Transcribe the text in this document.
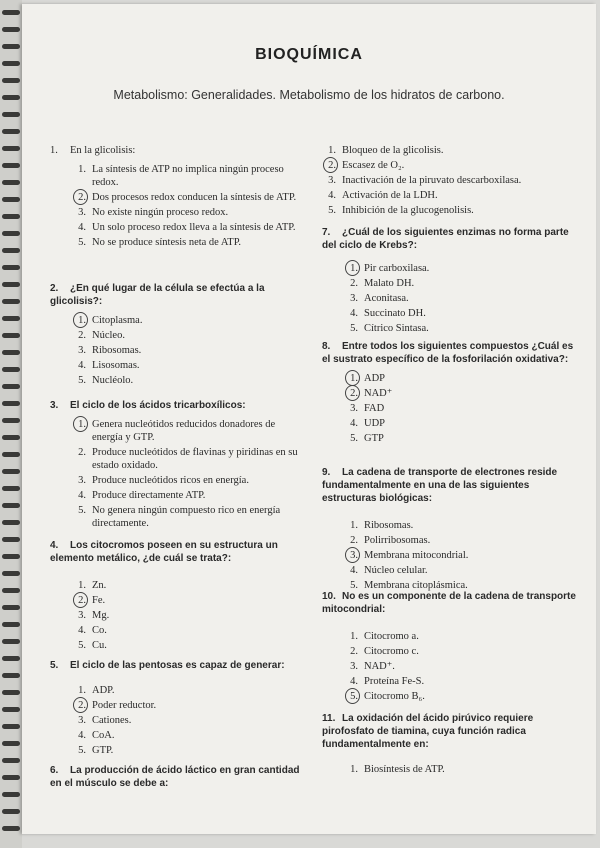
BIOQUÍMICA
Metabolismo: Generalidades. Metabolismo de los hidratos de carbono.
1. En la glicolisis:
1. La síntesis de ATP no implica ningún proceso redox.
2. Dos procesos redox conducen la síntesis de ATP.
3. No existe ningún proceso redox.
4. Un solo proceso redox lleva a la síntesis de ATP.
5. No se produce síntesis neta de ATP.
2. ¿En qué lugar de la célula se efectúa a la glicolisis?:
1. Citoplasma.
2. Núcleo.
3. Ribosomas.
4. Lisosomas.
5. Nucléolo.
3. El ciclo de los ácidos tricarboxílicos:
1. Genera nucleótidos reducidos donadores de energía y GTP.
2. Produce nucleótidos de flavinas y piridinas en su estado oxidado.
3. Produce nucleótidos ricos en energía.
4. Produce directamente ATP.
5. No genera ningún compuesto rico en energía directamente.
4. Los citocromos poseen en su estructura un elemento metálico, ¿de cuál se trata?:
1. Zn.
2. Fe.
3. Mg.
4. Co.
5. Cu.
5. El ciclo de las pentosas es capaz de generar:
1. ADP.
2. Poder reductor.
3. Cationes.
4. CoA.
5. GTP.
6. La producción de ácido láctico en gran cantidad en el músculo se debe a:
1. Bloqueo de la glicolisis.
2. Escasez de O₂.
3. Inactivación de la piruvato descarboxilasa.
4. Activación de la LDH.
5. Inhibición de la glucogenolisis.
7. ¿Cuál de los siguientes enzimas no forma parte del ciclo de Krebs?:
1. Pir carboxilasa.
2. Malato DH.
3. Aconitasa.
4. Succinato DH.
5. Cítrico Sintasa.
8. Entre todos los siguientes compuestos ¿Cuál es el sustrato específico de la fosforilación oxidativa?:
1. ADP
2. NAD⁺
3. FAD
4. UDP
5. GTP
9. La cadena de transporte de electrones reside fundamentalmente en una de las siguientes estructuras biológicas:
1. Ribosomas.
2. Polirribosomas.
3. Membrana mitocondrial.
4. Núcleo celular.
5. Membrana citoplásmica.
10. No es un componente de la cadena de transporte mitocondrial:
1. Citocromo a.
2. Citocromo c.
3. NAD⁺.
4. Proteína Fe-S.
5. Citocromo B₆.
11. La oxidación del ácido pirúvico requiere pirofosfato de tiamina, cuya función radica fundamentalmente en:
1. Biosíntesis de ATP.
